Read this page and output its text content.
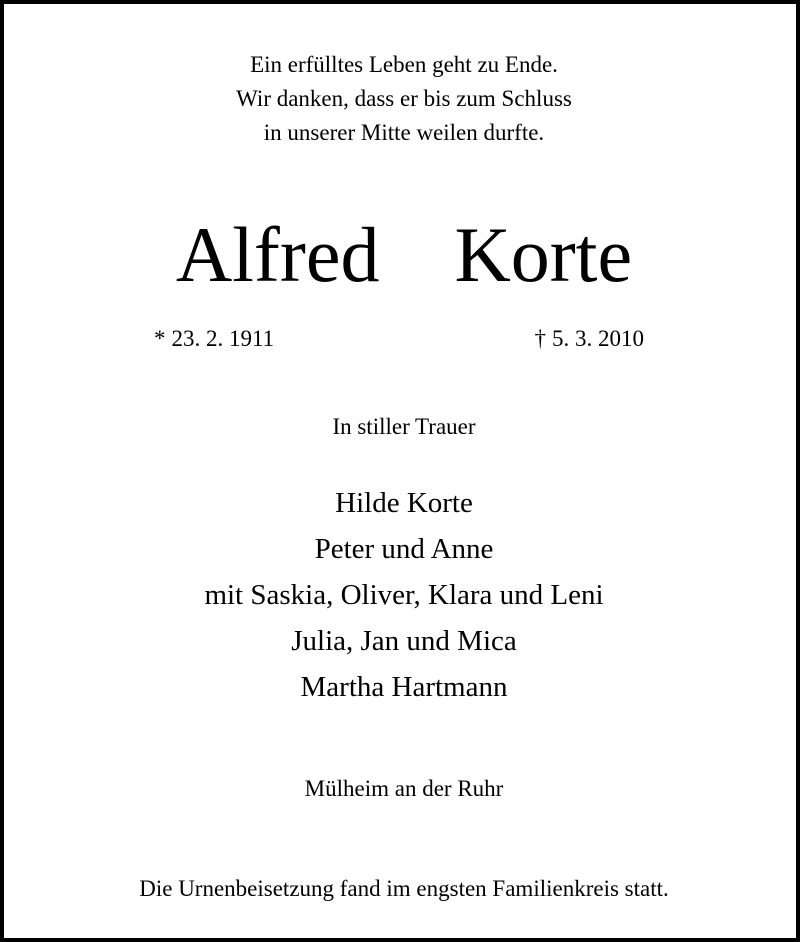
Ein erfülltes Leben geht zu Ende.
Wir danken, dass er bis zum Schluss
in unserer Mitte weilen durfte.
Alfred  Korte
* 23. 2. 1911	† 5. 3. 2010
In stiller Trauer
Hilde Korte
Peter und Anne
mit Saskia, Oliver, Klara und Leni
Julia, Jan und Mica
Martha Hartmann
Mülheim an der Ruhr
Die Urnenbeisetzung fand im engsten Familienkreis statt.
